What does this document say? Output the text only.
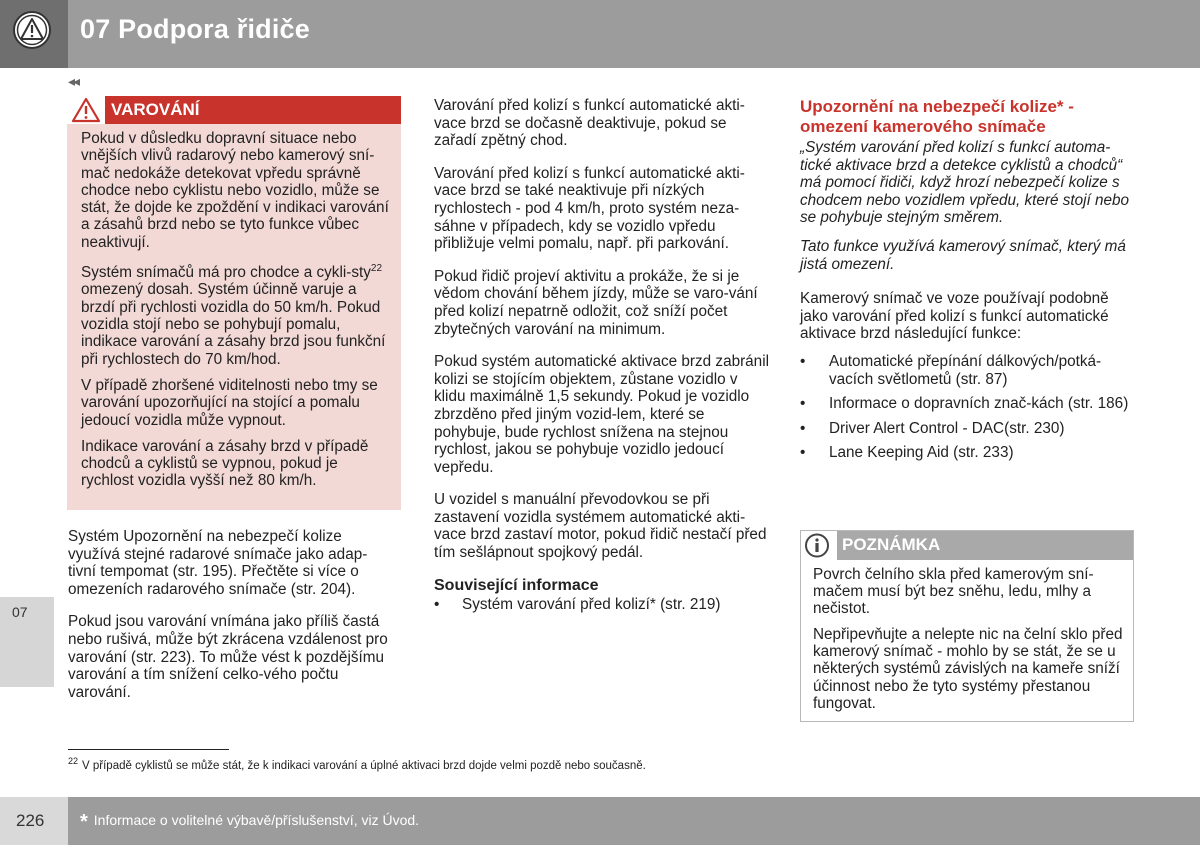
07 Podpora řidiče
◂◂
07
VAROVÁNÍ

Pokud v důsledku dopravní situace nebo vnějších vlivů radarový nebo kamerový sní-mač nedokáže detekovat vpředu správně chodce nebo cyklistu nebo vozidlo, může se stát, že dojde ke zpoždění v indikaci varování a zásahů brzd nebo se tyto funkce vůbec neaktivují.

Systém snímačů má pro chodce a cykli-sty$^{22}$ omezený dosah. Systém účinně varuje a brzdí při rychlosti vozidla do 50 km/h. Pokud vozidla stojí nebo se pohybují pomalu, indikace varování a zásahy brzd jsou funkční při rychlostech do 70 km/hod.

V případě zhoršené viditelnosti nebo tmy se varování upozorňující na stojící a pomalu jedoucí vozidla může vypnout.

Indikace varování a zásahy brzd v případě chodců a cyklistů se vypnou, pokud je rychlost vozidla vyšší než 80 km/h.

Systém Upozornění na nebezpečí kolize využívá stejné radarové snímače jako adap-tivní tempomat (str. 195). Přečtěte si více o omezeních radarového snímače (str. 204).

Pokud jsou varování vnímána jako příliš častá nebo rušivá, může být zkrácena vzdálenost pro varování (str. 223). To může vést k pozdějšímu varování a tím snížení celko-vého počtu varování.

Varování před kolizí s funkcí automatické akti-vace brzd se dočasně deaktivuje, pokud se zařadí zpětný chod.

Varování před kolizí s funkcí automatické akti-vace brzd se také neaktivuje při nízkých rychlostech - pod 4 km/h, proto systém neza-sáhne v případech, kdy se vozidlo vpředu přibližuje velmi pomalu, např. při parkování.

Pokud řidič projeví aktivitu a prokáže, že si je vědom chování během jízdy, může se varo-vání před kolizí nepatrně odložit, což sníží počet zbytečných varování na minimum.

Pokud systém automatické aktivace brzd zabránil kolizi se stojícím objektem, zůstane vozidlo v klidu maximálně 1,5 sekundy. Pokud je vozidlo zbrzděno před jiným vozid-lem, které se pohybuje, bude rychlost snížena na stejnou rychlost, jakou se pohybuje vozidlo jedoucí vepředu.

U vozidel s manuální převodovkou se při zastavení vozidla systémem automatické akti-vace brzd zastaví motor, pokud řidič nestačí před tím sešlápnout spojkový pedál.

Související informace
• Systém varování před kolizí* (str. 219)
Upozornění na nebezpečí kolize* - omezení kamerového snímače

„Systém varování před kolizí s funkcí automa-tické aktivace brzd a detekce cyklistů a chodců“ má pomocí řidiči, když hrozí nebezpečí kolize s chodcem nebo vozidlem vpředu, které stojí nebo se pohybuje stejným směrem.

Tato funkce využívá kamerový snímač, který má jistá omezení.

Kamerový snímač ve voze používají podobně jako varování před kolizí s funkcí automatické aktivace brzd následující funkce:

• Automatické přepínání dálkových/potká-vacích světlometů (str. 87)
• Informace o dopravních znač-kách (str. 186)
• Driver Alert Control - DAC(str. 230)
• Lane Keeping Aid (str. 233)
POZNÁMKA

Povrch čelního skla před kamerovým sní-mačem musí být bez sněhu, ledu, mlhy a nečistot.

Nepřipevňujte a nelepte nic na čelní sklo před kamerový snímač - mohlo by se stát, že se u některých systémů závislých na kameře sníží účinnost nebo že tyto systémy přestanou fungovat.

$^{22}$ V případě cyklistů se může stát, že k indikaci varování a úplné aktivaci brzd dojde velmi pozdě nebo současně.
226 * Informace o volitelné výbavě/příslušenství, viz Úvod.
